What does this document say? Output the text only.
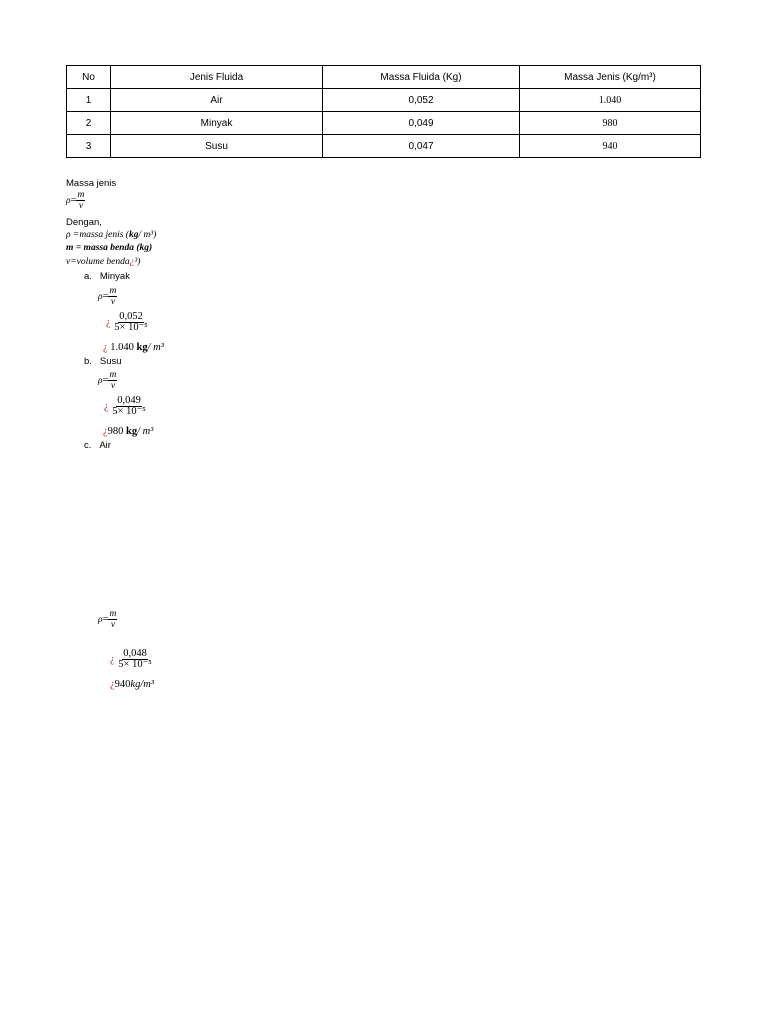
No	Jenis Fluida	Massa Fluida (Kg)	Massa Jenis (Kg/m³)
1	Air	0,052	1.040
2	Minyak	0,049	980
3	Susu	0,047	940
Massa jenis
$\rho= \frac{m}{v}$
Dengan,
ρ =massa jenis (kg/ m³)
m = massa benda (kg)
v=volume benda¿³)
a. Minyak
$\rho= \frac{m}{v}$
¿ $\frac{0,052}{\text{5× 10⁻⁵}}$
¿ 1.040 kg/ m³
b. Susu
$\rho= \frac{m}{v}$
¿ $\frac{0,049}{\text{5× 10⁻⁵}}$
¿980 kg/ m³
c. Air
$\rho= \frac{m}{v}$
¿ $\frac{0,048}{\text{5× 10⁻⁵}}$
¿940kg/m³
